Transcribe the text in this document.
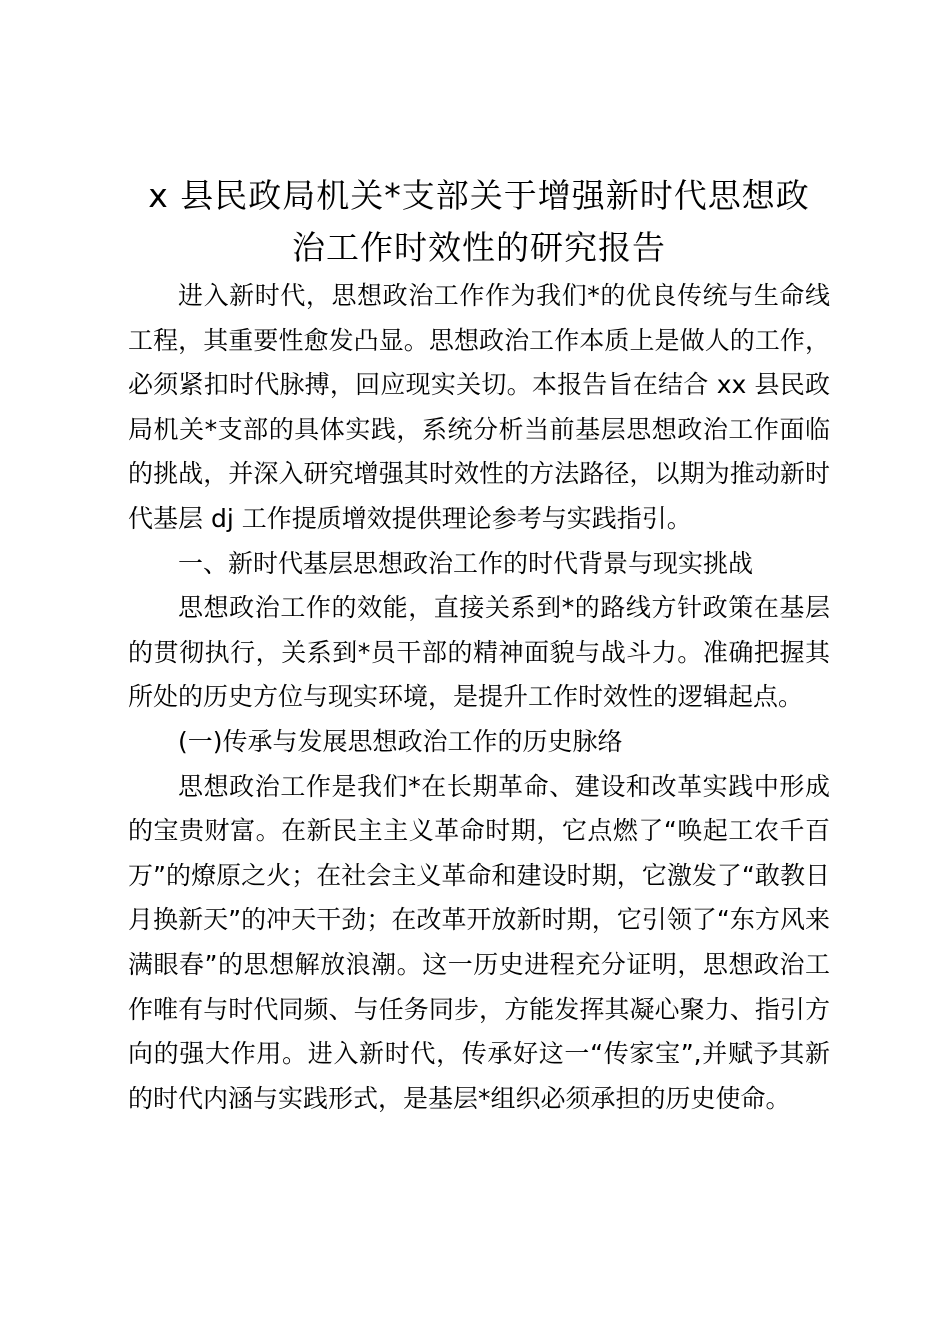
x 县民政局机关*支部关于增强新时代思想政
治工作时效性的研究报告

进入新时代，思想政治工作作为我们*的优良传统与生命线工程，其重要性愈发凸显。思想政治工作本质上是做人的工作，必须紧扣时代脉搏，回应现实关切。本报告旨在结合 xx 县民政局机关*支部的具体实践，系统分析当前基层思想政治工作面临的挑战，并深入研究增强其时效性的方法路径，以期为推动新时代基层 dj 工作提质增效提供理论参考与实践指引。

一、新时代基层思想政治工作的时代背景与现实挑战

思想政治工作的效能，直接关系到*的路线方针政策在基层的贯彻执行，关系到*员干部的精神面貌与战斗力。准确把握其所处的历史方位与现实环境，是提升工作时效性的逻辑起点。

(一)传承与发展思想政治工作的历史脉络

思想政治工作是我们*在长期革命、建设和改革实践中形成的宝贵财富。在新民主主义革命时期，它点燃了“唤起工农千百万”的燎原之火；在社会主义革命和建设时期，它激发了“敢教日月换新天”的冲天干劲；在改革开放新时期，它引领了“东方风来满眼春”的思想解放浪潮。这一历史进程充分证明，思想政治工作唯有与时代同频、与任务同步，方能发挥其凝心聚力、指引方向的强大作用。进入新时代，传承好这一“传家宝”,并赋予其新的时代内涵与实践形式，是基层*组织必须承担的历史使命。
